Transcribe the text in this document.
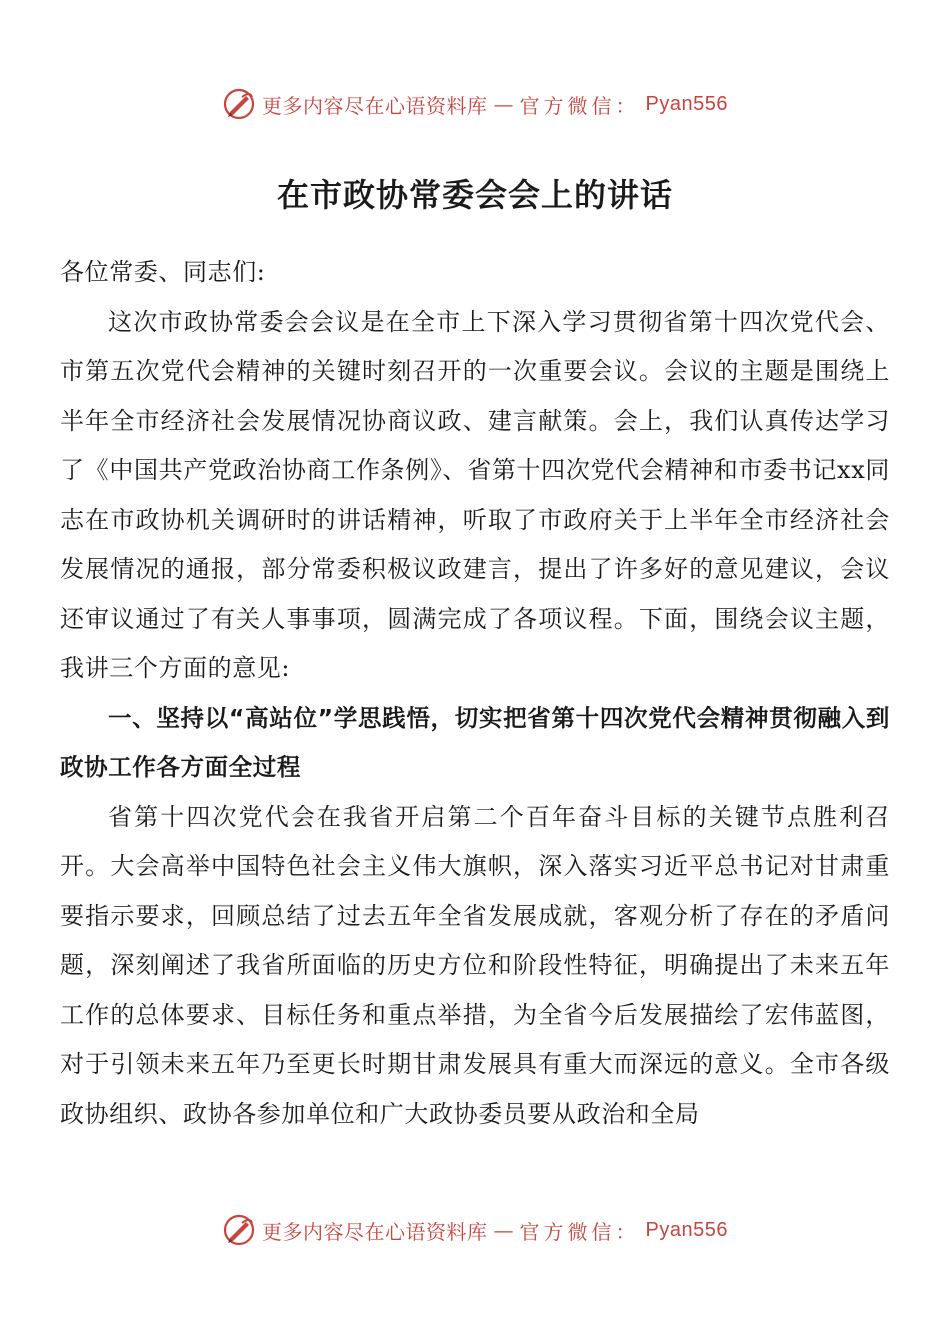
更多内容尽在心语资料库 — 官方微信： Pyan556
在市政协常委会会上的讲话

各位常委、同志们:

这次市政协常委会会议是在全市上下深入学习贯彻省第十四次党代会、市第五次党代会精神的关键时刻召开的一次重要会议。会议的主题是围绕上半年全市经济社会发展情况协商议政、建言献策。会上，我们认真传达学习了《中国共产党政治协商工作条例》、省第十四次党代会精神和市委书记xx同志在市政协机关调研时的讲话精神，听取了市政府关于上半年全市经济社会发展情况的通报，部分常委积极议政建言，提出了许多好的意见建议，会议还审议通过了有关人事事项，圆满完成了各项议程。下面，围绕会议主题，我讲三个方面的意见:

一、坚持以“高站位”学思践悟，切实把省第十四次党代会精神贯彻融入到政协工作各方面全过程

省第十四次党代会在我省开启第二个百年奋斗目标的关键节点胜利召开。大会高举中国特色社会主义伟大旗帜，深入落实习近平总书记对甘肃重要指示要求，回顾总结了过去五年全省发展成就，客观分析了存在的矛盾问题，深刻阐述了我省所面临的历史方位和阶段性特征，明确提出了未来五年工作的总体要求、目标任务和重点举措，为全省今后发展描绘了宏伟蓝图，对于引领未来五年乃至更长时期甘肃发展具有重大而深远的意义。全市各级政协组织、政协各参加单位和广大政协委员要从政治和全局

更多内容尽在心语资料库 — 官方微信： Pyan556
